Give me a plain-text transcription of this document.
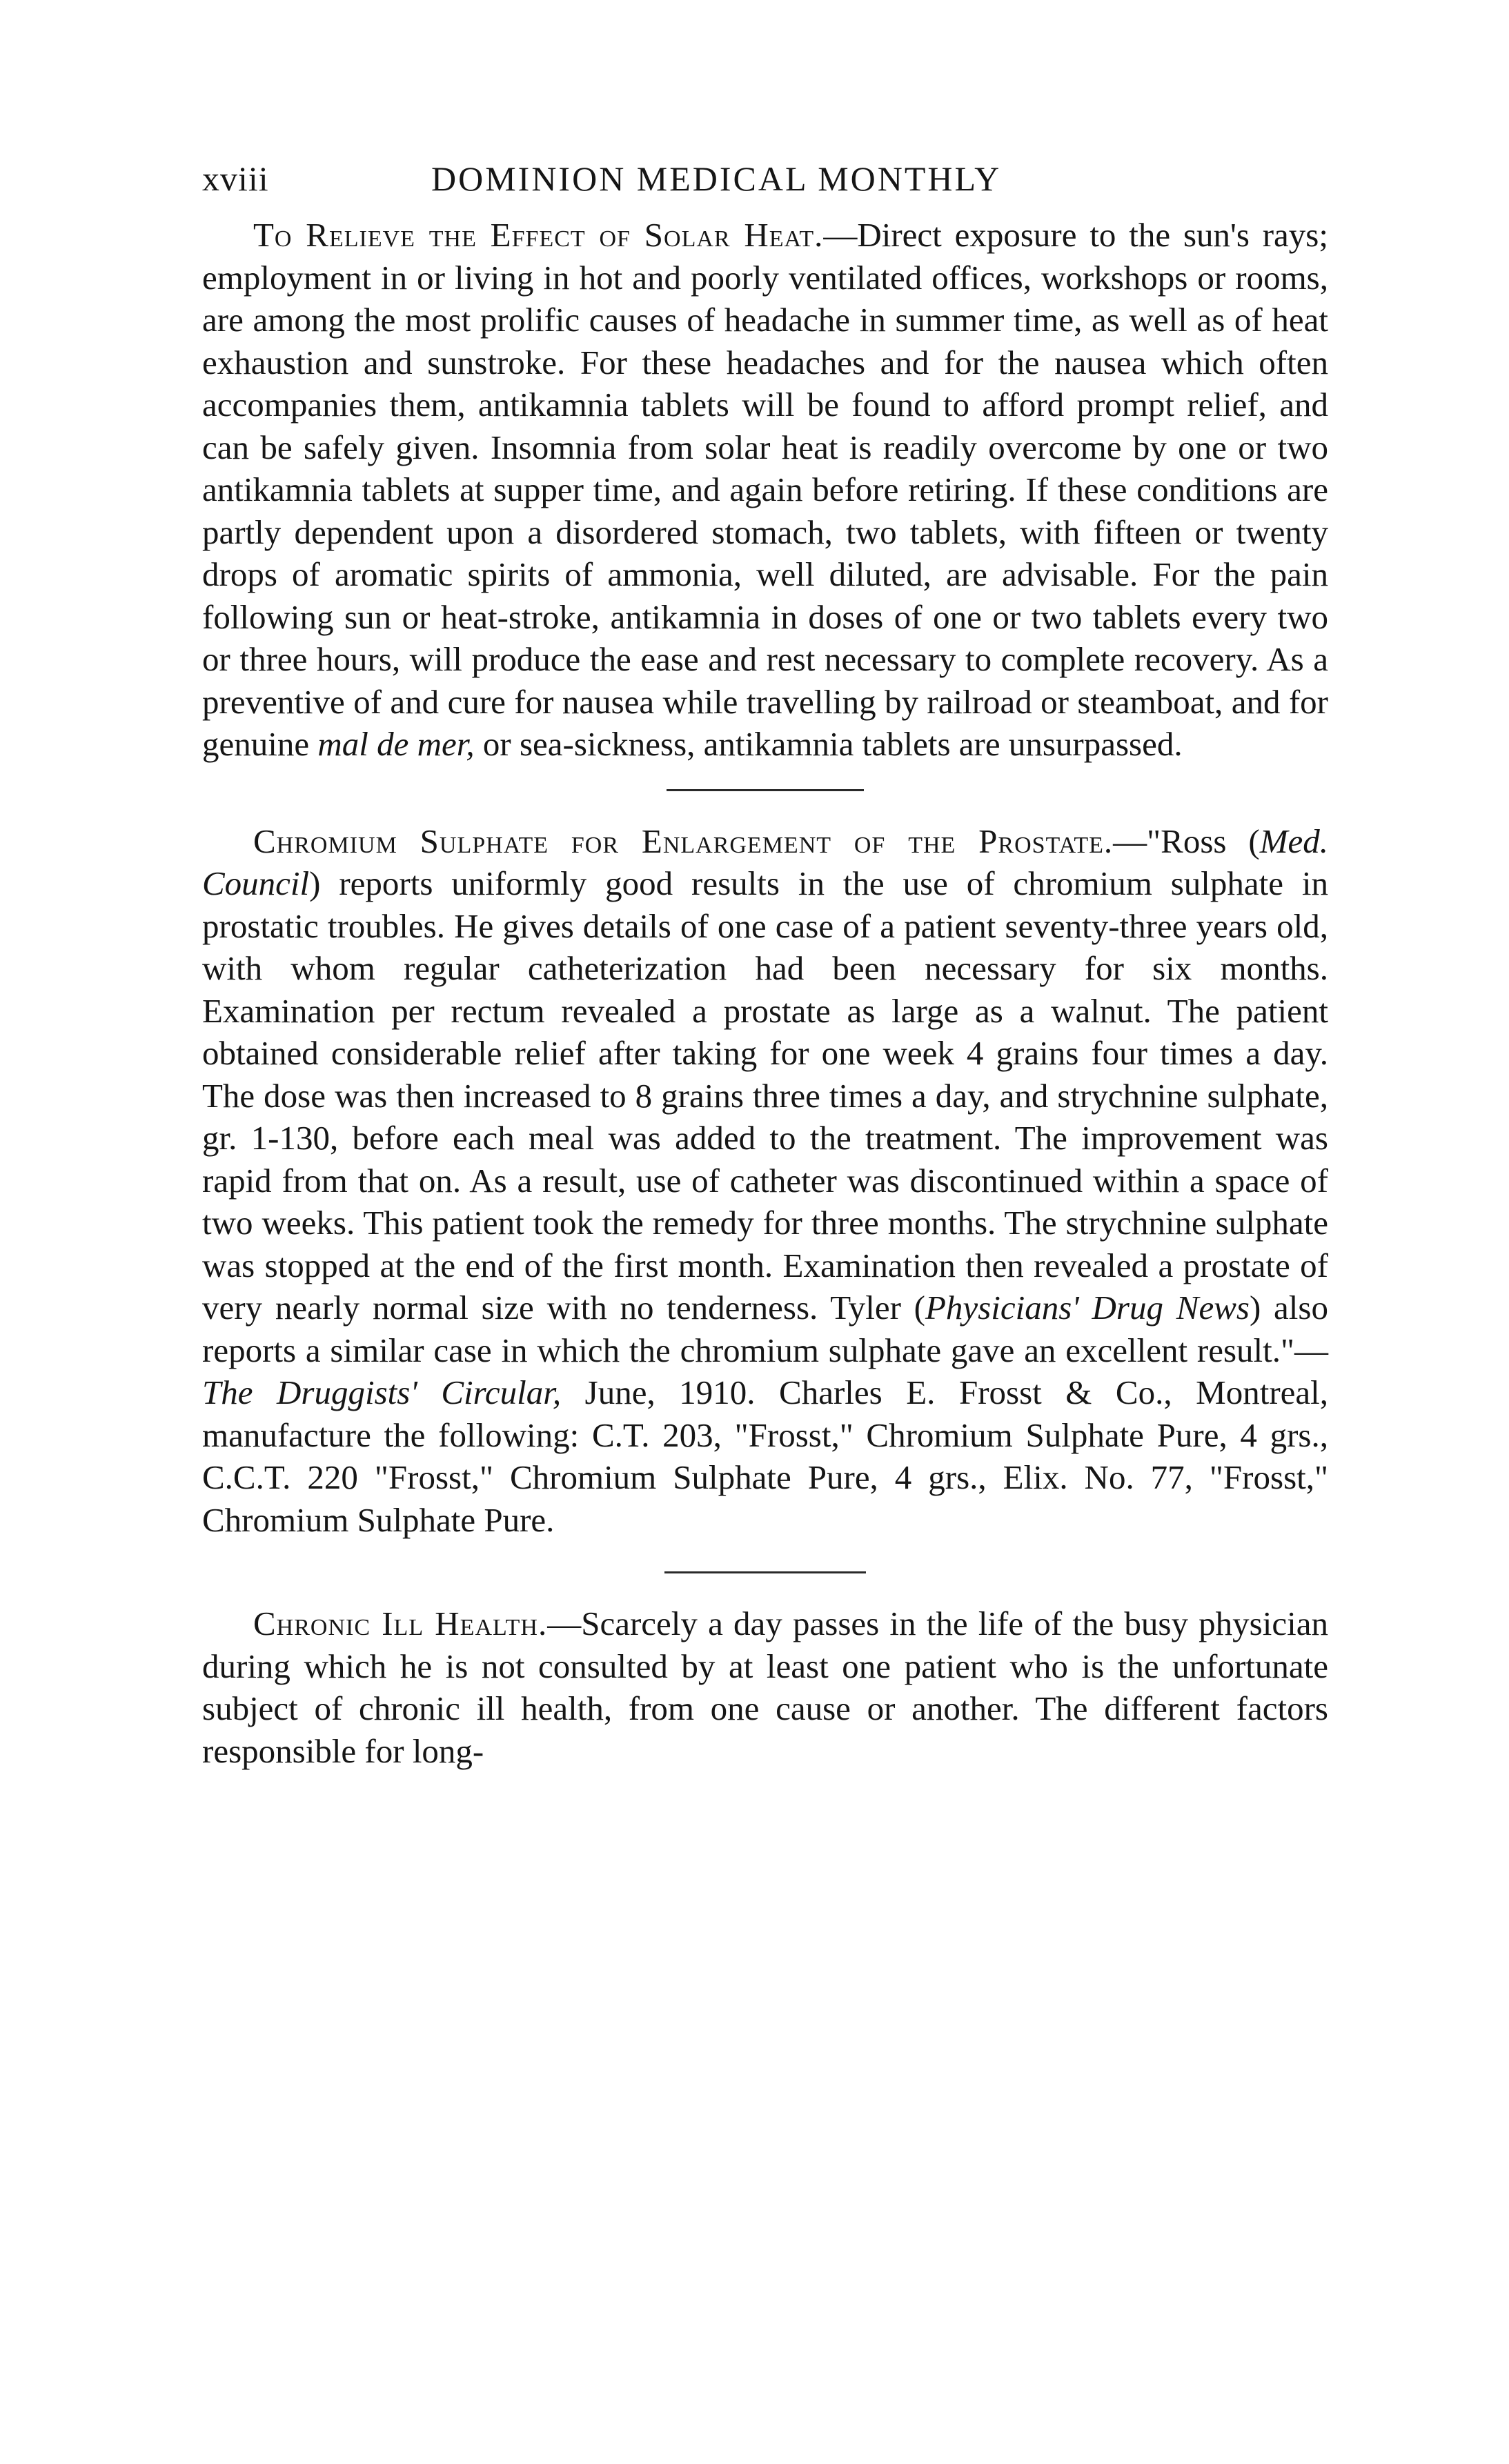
xviii	DOMINION MEDICAL MONTHLY

To Relieve the Effect of Solar Heat.—Direct exposure to the sun's rays; employment in or living in hot and poorly ventilated offices, workshops or rooms, are among the most prolific causes of headache in summer time, as well as of heat exhaustion and sunstroke. For these headaches and for the nausea which often accompanies them, antikamnia tablets will be found to afford prompt relief, and can be safely given. Insomnia from solar heat is readily overcome by one or two antikamnia tablets at supper time, and again before retiring. If these conditions are partly dependent upon a disordered stomach, two tablets, with fifteen or twenty drops of aromatic spirits of ammonia, well diluted, are advisable. For the pain following sun or heat-stroke, antikamnia in doses of one or two tablets every two or three hours, will produce the ease and rest necessary to complete recovery. As a preventive of and cure for nausea while travelling by railroad or steamboat, and for genuine mal de mer, or sea-sickness, antikamnia tablets are unsurpassed.

Chromium Sulphate for Enlargement of the Prostate.—"Ross (Med. Council) reports uniformly good results in the use of chromium sulphate in prostatic troubles. He gives details of one case of a patient seventy-three years old, with whom regular catheterization had been necessary for six months. Examination per rectum revealed a prostate as large as a walnut. The patient obtained considerable relief after taking for one week 4 grains four times a day. The dose was then increased to 8 grains three times a day, and strychnine sulphate, gr. 1-130, before each meal was added to the treatment. The improvement was rapid from that on. As a result, use of catheter was discontinued within a space of two weeks. This patient took the remedy for three months. The strychnine sulphate was stopped at the end of the first month. Examination then revealed a prostate of very nearly normal size with no tenderness. Tyler (Physicians' Drug News) also reports a similar case in which the chromium sulphate gave an excellent result."—The Druggists' Circular, June, 1910. Charles E. Frosst & Co., Montreal, manufacture the following: C.T. 203, "Frosst," Chromium Sulphate Pure, 4 grs., C.C.T. 220 "Frosst," Chromium Sulphate Pure, 4 grs., Elix. No. 77, "Frosst," Chromium Sulphate Pure.

Chronic Ill Health.—Scarcely a day passes in the life of the busy physician during which he is not consulted by at least one patient who is the unfortunate subject of chronic ill health, from one cause or another. The different factors responsible for long-
